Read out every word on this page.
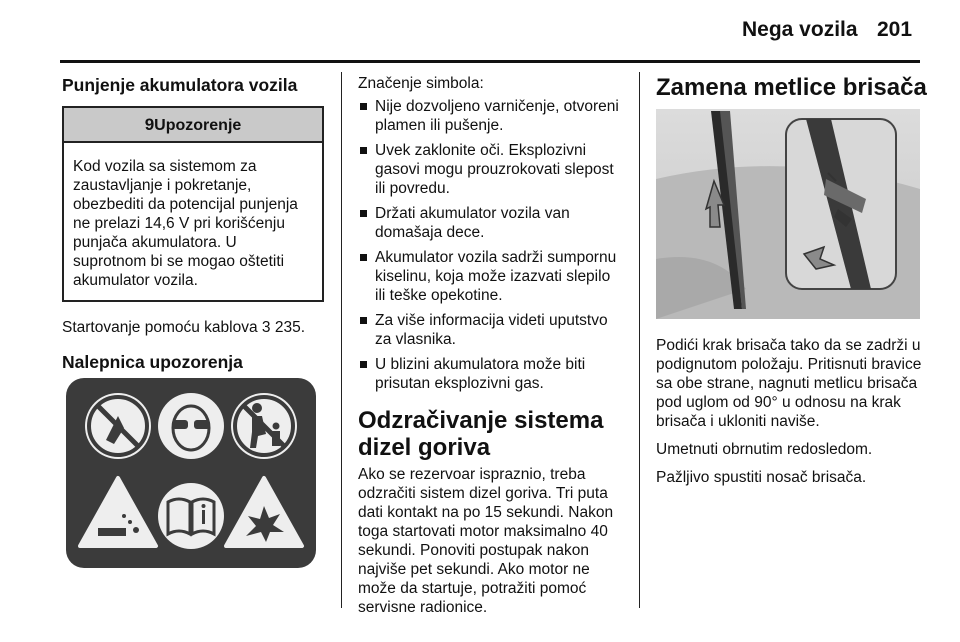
Nega vozila 201
Punjenje akumulatora vozila
9Upozorenje
Kod vozila sa sistemom za zaustavljanje i pokretanje, obezbediti da potencijal punjenja ne prelazi 14,6 V pri korišćenju punjača akumulatora. U suprotnom bi se mogao oštetiti akumulator vozila.

Startovanje pomoću kablova 3 235.

Nalepnica upozorenja

Značenje simbola:

Nije dozvoljeno varničenje, otvoreni plamen ili pušenje.
Uvek zaklonite oči. Eksplozivni gasovi mogu prouzrokovati slepost ili povredu.
Držati akumulator vozila van domašaja dece.
Akumulator vozila sadrži sumpornu kiselinu, koja može izazvati slepilo ili teške opekotine.
Za više informacija videti uputstvo za vlasnika.
U blizini akumulatora može biti prisutan eksplozivni gas.
Odzračivanje sistema dizel goriva

Ako se rezervoar ispraznio, treba odzračiti sistem dizel goriva. Tri puta dati kontakt na po 15 sekundi. Nakon toga startovati motor maksimalno 40 sekundi. Ponoviti postupak nakon najviše pet sekundi. Ako motor ne može da startuje, potražiti pomoć servisne radionice.

Zamena metlice brisača

Podići krak brisača tako da se zadrži u podignutom položaju. Pritisnuti bravice sa obe strane, nagnuti metlicu brisača pod uglom od 90° u odnosu na krak brisača i ukloniti naviše.

Umetnuti obrnutim redosledom.

Pažljivo spustiti nosač brisača.
